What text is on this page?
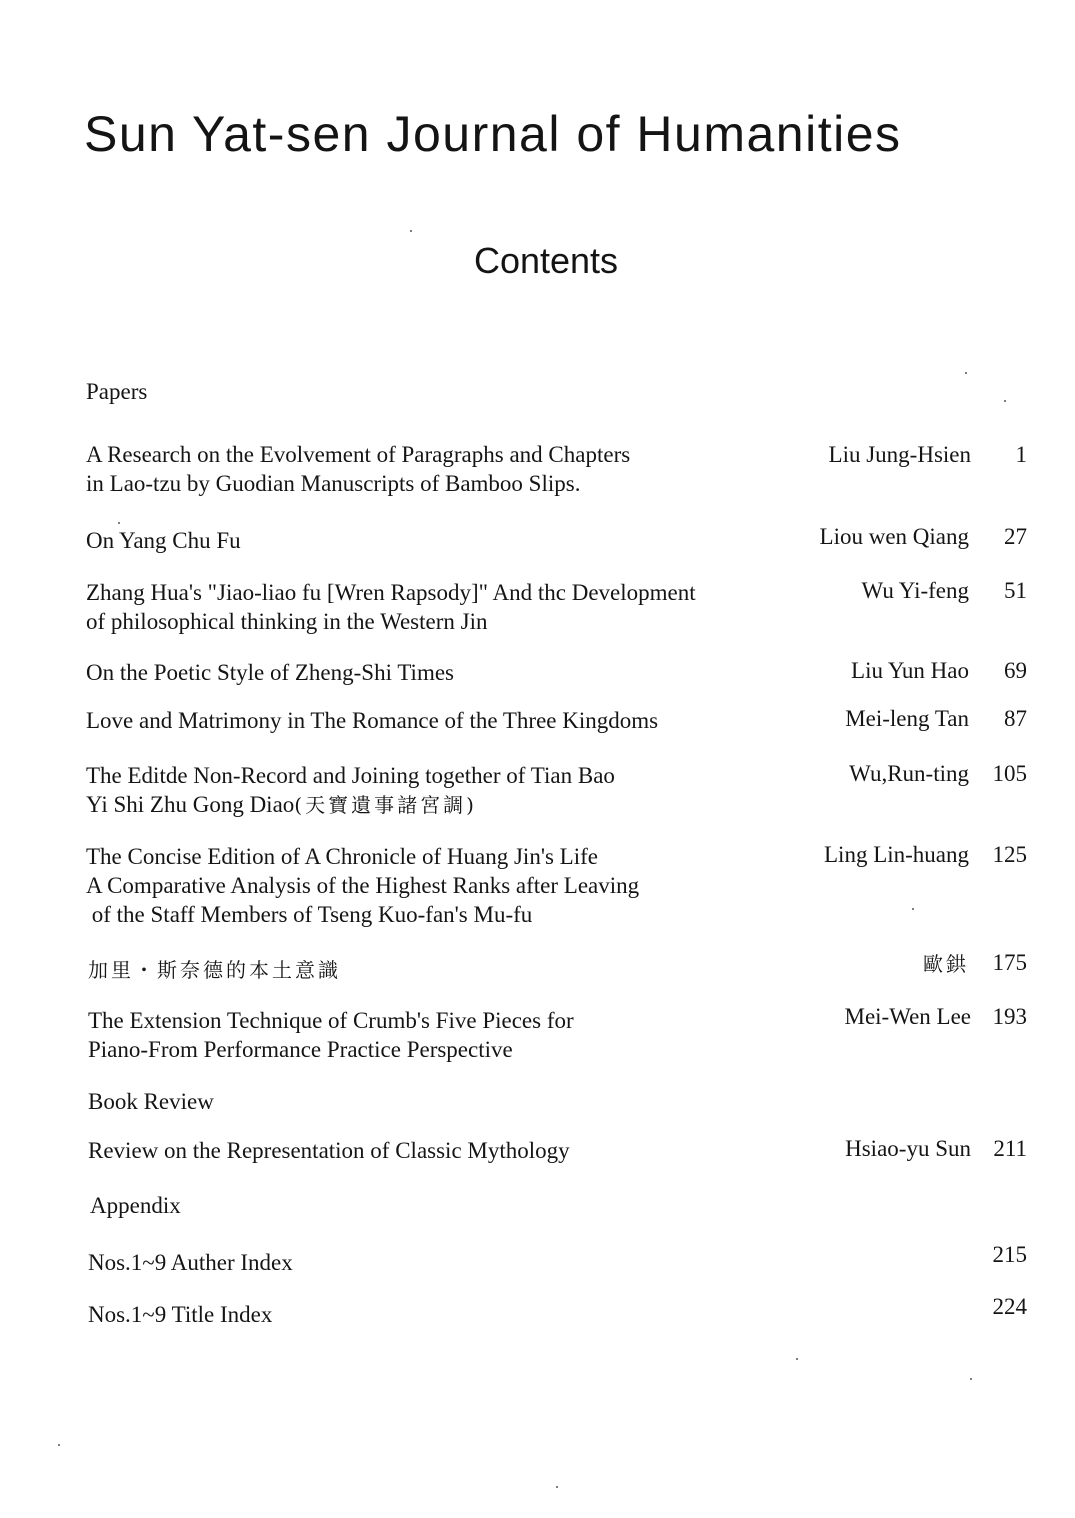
Sun Yat-sen Journal of Humanities
Contents
Papers
A Research on the Evolvement of Paragraphs and Chapters
in Lao-tzu by Guodian Manuscripts of Bamboo Slips.
Liu Jung-Hsien 1
On Yang Chu Fu	Liou wen Qiang 27
Zhang Hua's "Jiao-liao fu [Wren Rapsody]" And thc Development
of philosophical thinking in the Western Jin
Wu Yi-feng 51
On the Poetic Style of Zheng-Shi Times	Liu Yun Hao 69
Love and Matrimony in The Romance of the Three Kingdoms	Mei-leng Tan 87
The Editde Non-Record and Joining together of Tian Bao
Yi Shi Zhu Gong Diao(天寶遺事諸宮調)
Wu,Run-ting 105
The Concise Edition of A Chronicle of Huang Jin's Life
A Comparative Analysis of the Highest Ranks after Leaving
of the Staff Members of Tseng Kuo-fan's Mu-fu
Ling Lin-huang 125
加里・斯奈德的本土意識	歐鉷 175
The Extension Technique of Crumb's Five Pieces for
Piano-From Performance Practice Perspective
Mei-Wen Lee 193
Book Review
Review on the Representation of Classic Mythology	Hsiao-yu Sun 211
Appendix
Nos.1~9 Auther Index	215
Nos.1~9 Title Index	224
